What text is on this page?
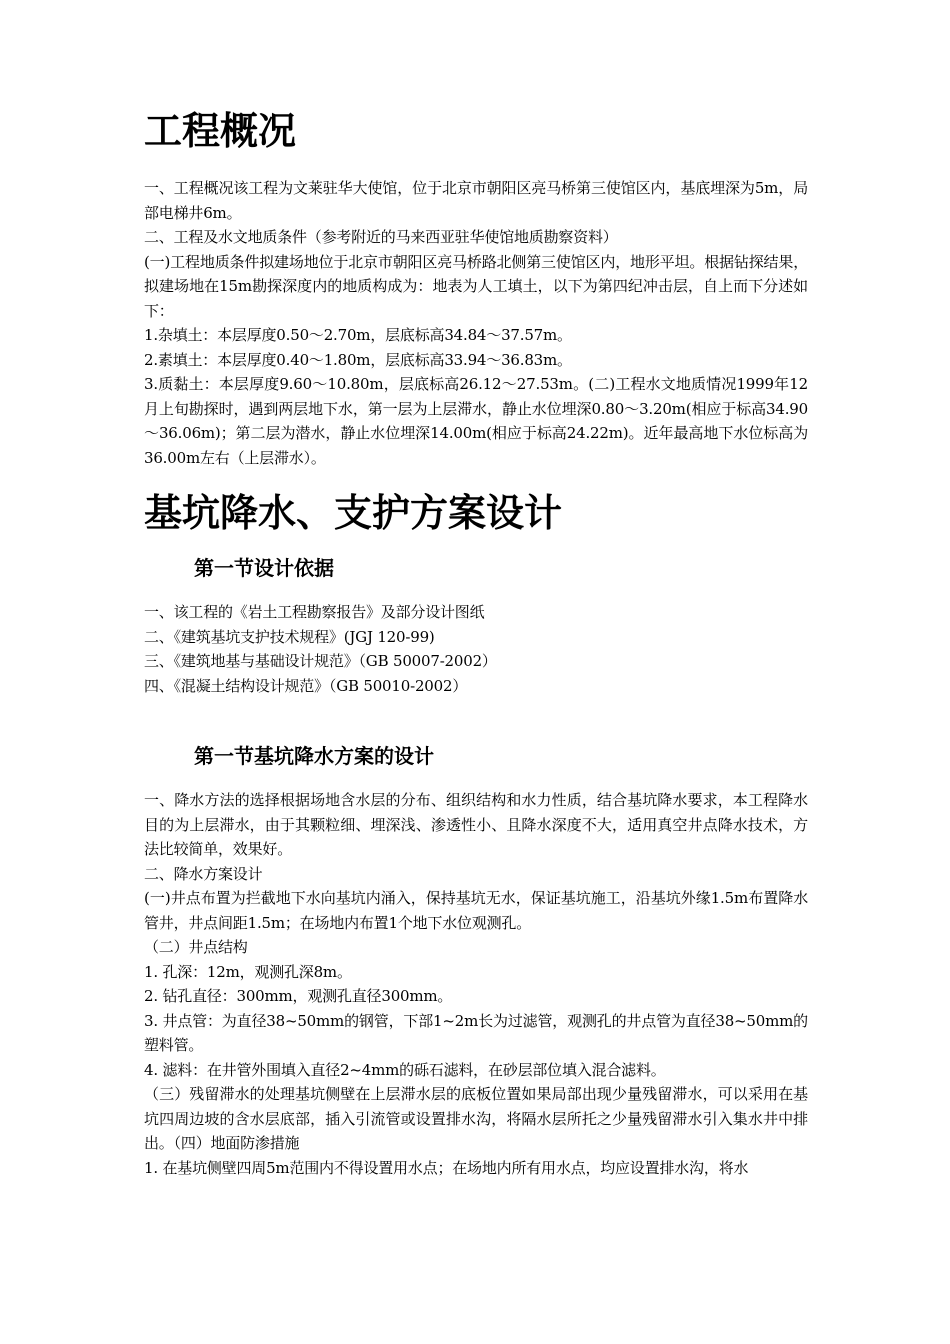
工程概况

一、工程概况该工程为文莱驻华大使馆，位于北京市朝阳区亮马桥第三使馆区内，基底埋深为5m，局部电梯井6m。

二、工程及水文地质条件（参考附近的马来西亚驻华使馆地质勘察资料）

(一)工程地质条件拟建场地位于北京市朝阳区亮马桥路北侧第三使馆区内，地形平坦。根据钻探结果，拟建场地在15m勘探深度内的地质构成为：地表为人工填土，以下为第四纪冲击层，自上而下分述如下：

1.杂填土：本层厚度0.50～2.70m，层底标高34.84～37.57m。

2.素填土：本层厚度0.40～1.80m，层底标高33.94～36.83m。

3.质黏土：本层厚度9.60～10.80m，层底标高26.12～27.53m。(二)工程水文地质情况1999年12月上旬勘探时，遇到两层地下水，第一层为上层滞水，静止水位埋深0.80～3.20m(相应于标高34.90～36.06m)；第二层为潜水，静止水位埋深14.00m(相应于标高24.22m)。近年最高地下水位标高为36.00m左右（上层滞水）。

基坑降水、支护方案设计
第一节设计依据

一、该工程的《岩土工程勘察报告》及部分设计图纸

二、《建筑基坑支护技术规程》(JGJ 120-99)

三、《建筑地基与基础设计规范》（GB 50007-2002）

四、《混凝土结构设计规范》（GB 50010-2002）

第一节基坑降水方案的设计

一、降水方法的选择根据场地含水层的分布、组织结构和水力性质，结合基坑降水要求，本工程降水目的为上层滞水，由于其颗粒细、埋深浅、渗透性小、且降水深度不大，适用真空井点降水技术，方法比较简单，效果好。

二、降水方案设计

(一)井点布置为拦截地下水向基坑内涌入，保持基坑无水，保证基坑施工，沿基坑外缘1.5m布置降水管井，井点间距1.5m；在场地内布置1个地下水位观测孔。

（二）井点结构

1. 孔深：12m，观测孔深8m。

2. 钻孔直径：300mm，观测孔直径300mm。

3. 井点管：为直径38~50mm的钢管，下部1~2m长为过滤管，观测孔的井点管为直径38~50mm的塑料管。

4. 滤料：在井管外围填入直径2~4mm的砾石滤料，在砂层部位填入混合滤料。

（三）残留滞水的处理基坑侧壁在上层滞水层的底板位置如果局部出现少量残留滞水，可以采用在基坑四周边坡的含水层底部，插入引流管或设置排水沟，将隔水层所托之少量残留滞水引入集水井中排出。（四）地面防渗措施

1. 在基坑侧壁四周5m范围内不得设置用水点；在场地内所有用水点，均应设置排水沟，将水
